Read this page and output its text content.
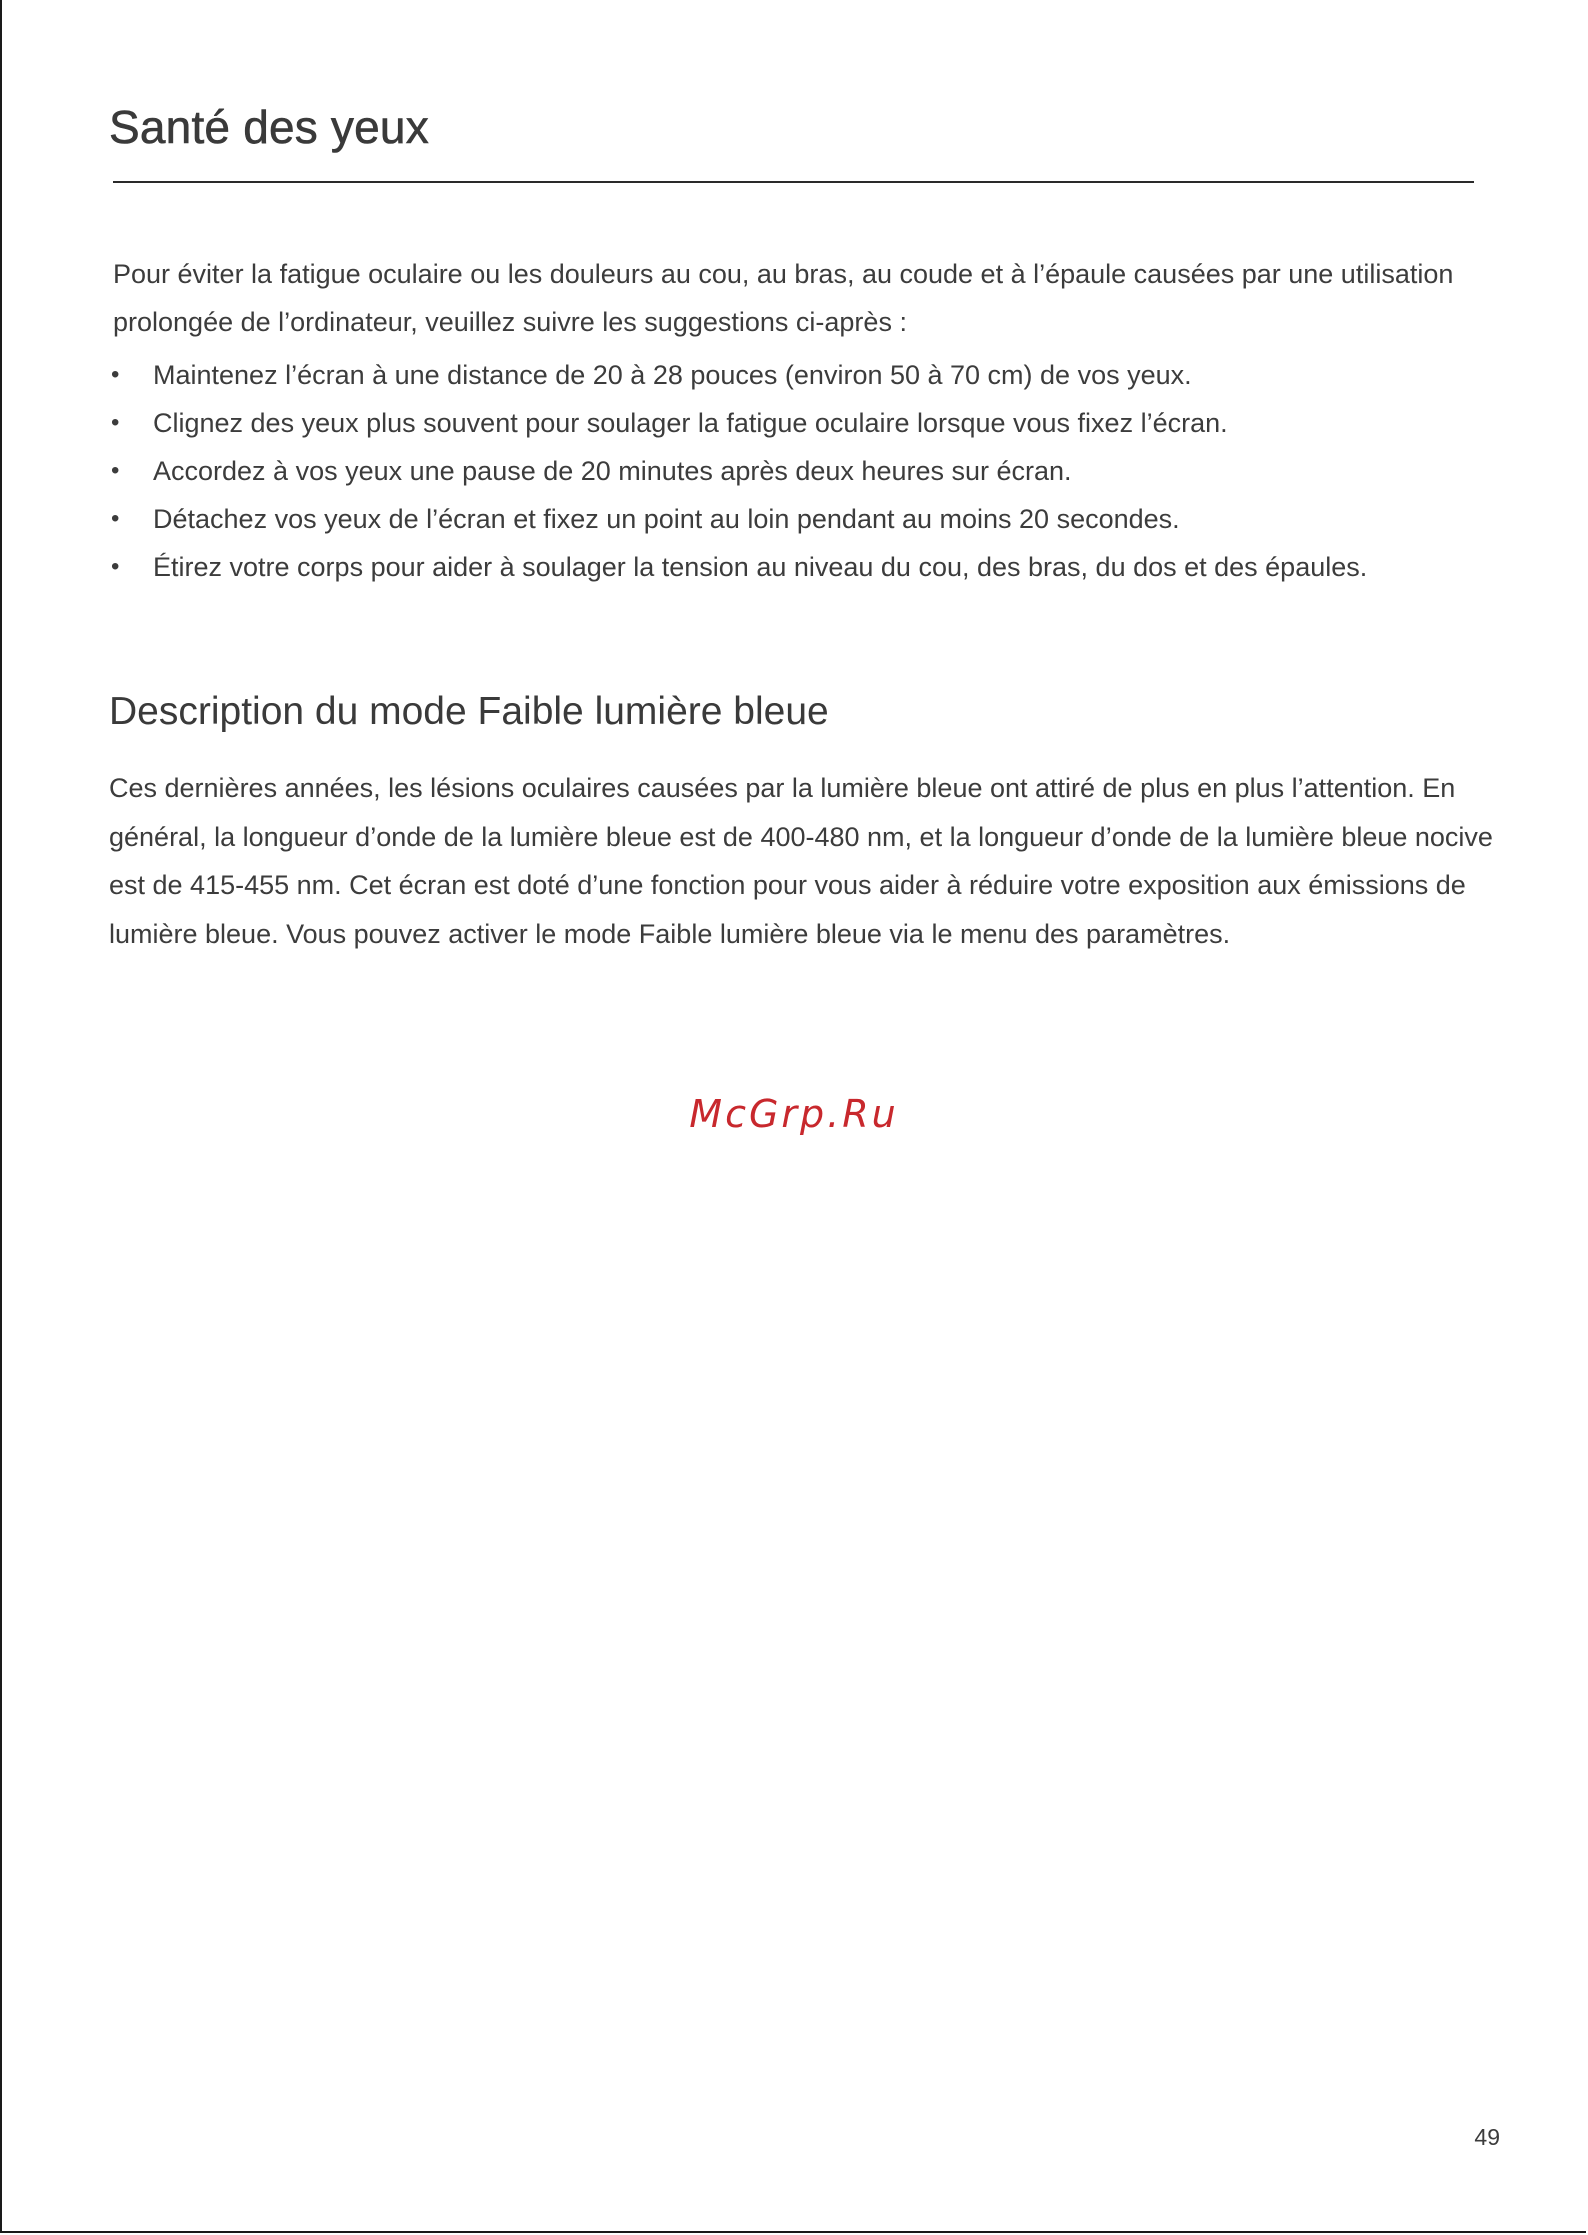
Santé des yeux

Pour éviter la fatigue oculaire ou les douleurs au cou, au bras, au coude et à l’épaule causées par une utilisation prolongée de l’ordinateur, veuillez suivre les suggestions ci-après :

• Maintenez l’écran à une distance de 20 à 28 pouces (environ 50 à 70 cm) de vos yeux.
• Clignez des yeux plus souvent pour soulager la fatigue oculaire lorsque vous fixez l’écran.
• Accordez à vos yeux une pause de 20 minutes après deux heures sur écran.
• Détachez vos yeux de l’écran et fixez un point au loin pendant au moins 20 secondes.
• Étirez votre corps pour aider à soulager la tension au niveau du cou, des bras, du dos et des épaules.
Description du mode Faible lumière bleue

Ces dernières années, les lésions oculaires causées par la lumière bleue ont attiré de plus en plus l’attention. En général, la longueur d’onde de la lumière bleue est de 400-480 nm, et la longueur d’onde de la lumière bleue nocive est de 415-455 nm. Cet écran est doté d’une fonction pour vous aider à réduire votre exposition aux émissions de lumière bleue. Vous pouvez activer le mode Faible lumière bleue via le menu des paramètres.

McGrp.Ru
49
